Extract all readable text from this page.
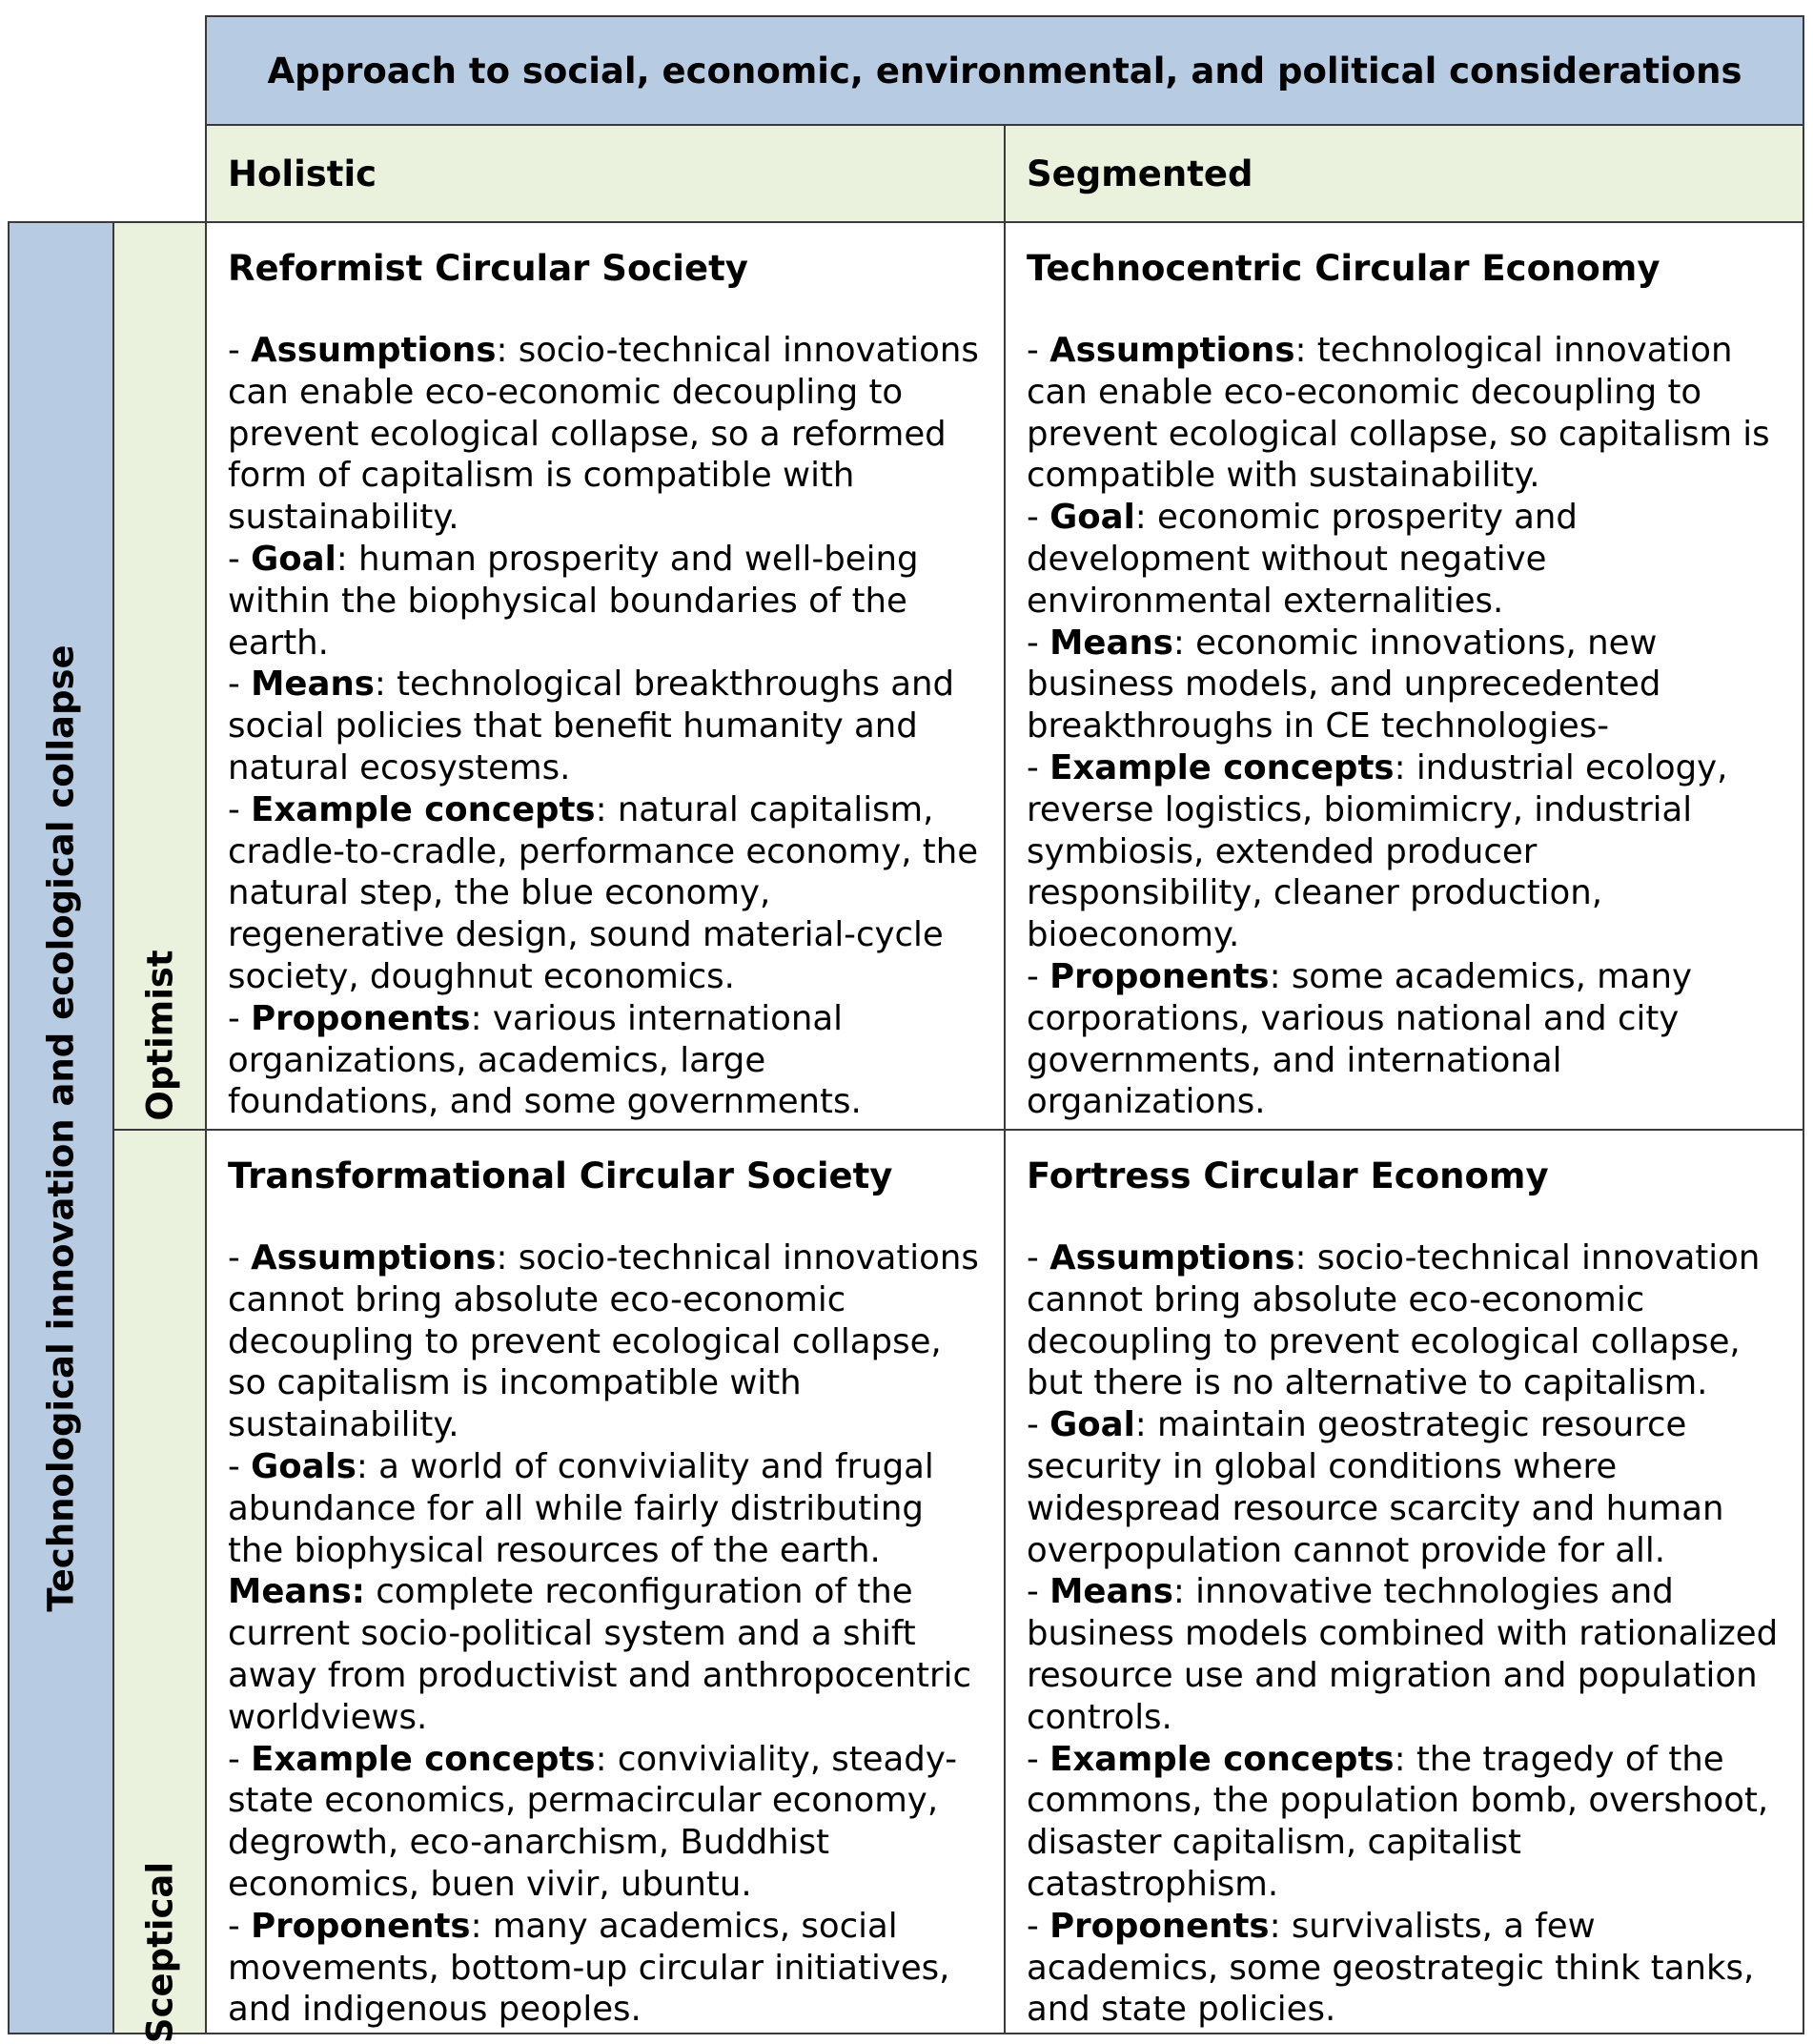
Approach to social, economic, environmental, and political considerations
Holistic	Segmented
Technological innovation and ecological collapse Optimist
Sceptical
Reformist Circular Society

- Assumptions: socio-technical innovations can enable eco-economic decoupling to prevent ecological collapse, so a reformed form of capitalism is compatible with sustainability.

- Goal: human prosperity and well-being within the biophysical boundaries of the earth.

- Means: technological breakthroughs and social policies that benefit humanity and natural ecosystems.

- Example concepts: natural capitalism, cradle-to-cradle, performance economy, the natural step, the blue economy, regenerative design, sound material-cycle society, doughnut economics.

- Proponents: various international organizations, academics, large foundations, and some governments.

Technocentric Circular Economy

- Assumptions: technological innovation can enable eco-economic decoupling to prevent ecological collapse, so capitalism is compatible with sustainability.

- Goal: economic prosperity and development without negative environmental externalities.

- Means: economic innovations, new business models, and unprecedented breakthroughs in CE technologies-

- Example concepts: industrial ecology, reverse logistics, biomimicry, industrial symbiosis, extended producer responsibility, cleaner production, bioeconomy.

- Proponents: some academics, many corporations, various national and city governments, and international organizations.

Transformational Circular Society

- Assumptions: socio-technical innovations cannot bring absolute eco-economic decoupling to prevent ecological collapse, so capitalism is incompatible with sustainability.

- Goals: a world of conviviality and frugal abundance for all while fairly distributing the biophysical resources of the earth.

Means: complete reconfiguration of the current socio-political system and a shift away from productivist and anthropocentric worldviews.

- Example concepts: conviviality, steady-state economics, permacircular economy, degrowth, eco-anarchism, Buddhist economics, buen vivir, ubuntu.

- Proponents: many academics, social movements, bottom-up circular initiatives, and indigenous peoples.

Fortress Circular Economy

- Assumptions: socio-technical innovation cannot bring absolute eco-economic decoupling to prevent ecological collapse, but there is no alternative to capitalism.

- Goal: maintain geostrategic resource security in global conditions where widespread resource scarcity and human overpopulation cannot provide for all.

- Means: innovative technologies and business models combined with rationalized resource use and migration and population controls.

- Example concepts: the tragedy of the commons, the population bomb, overshoot, disaster capitalism, capitalist catastrophism.

- Proponents: survivalists, a few academics, some geostrategic think tanks, and state policies.
